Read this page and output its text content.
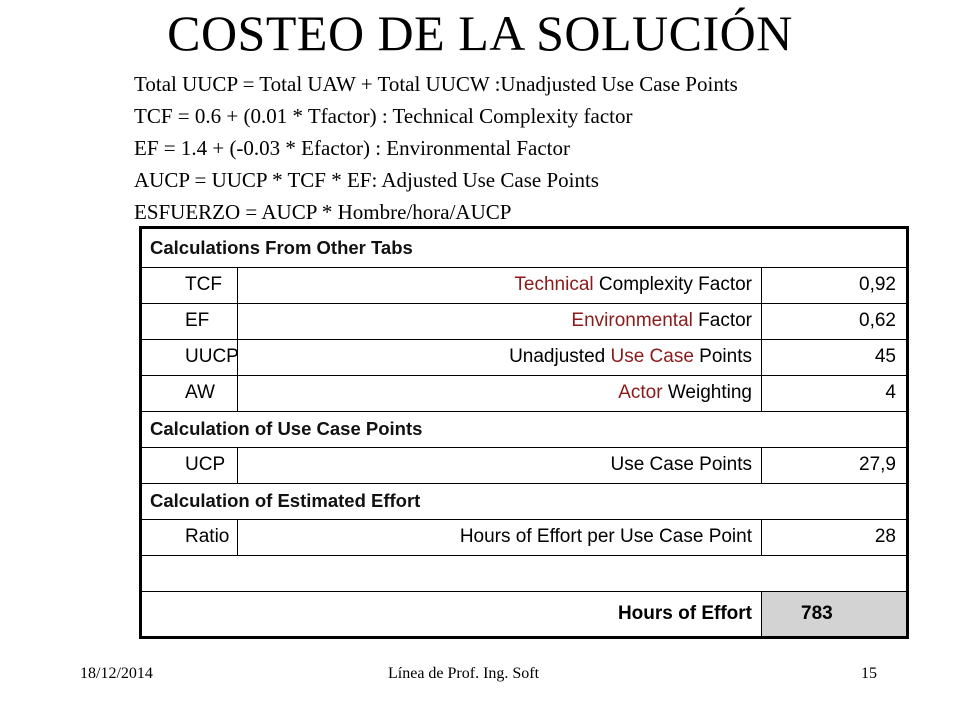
COSTEO DE LA SOLUCIÓN
Total UUCP = Total UAW + Total UUCW :Unadjusted Use Case Points
TCF = 0.6 + (0.01 * Tfactor) : Technical Complexity factor
EF = 1.4 + (-0.03 * Efactor) : Environmental Factor
AUCP = UUCP * TCF * EF: Adjusted Use Case Points
ESFUERZO = AUCP * Hombre/hora/AUCP
Calculations From Other Tabs
TCF	Technical Complexity Factor	0,92
EF	Environmental Factor	0,62
UUCP	Unadjusted Use Case Points	45
AW	Actor Weighting	4
Calculation of Use Case Points
UCP	Use Case Points	27,9
Calculation of Estimated Effort
Ratio	Hours of Effort per Use Case Point	28
Hours of Effort	783
18/12/2014	Línea de Prof. Ing. Soft	15
